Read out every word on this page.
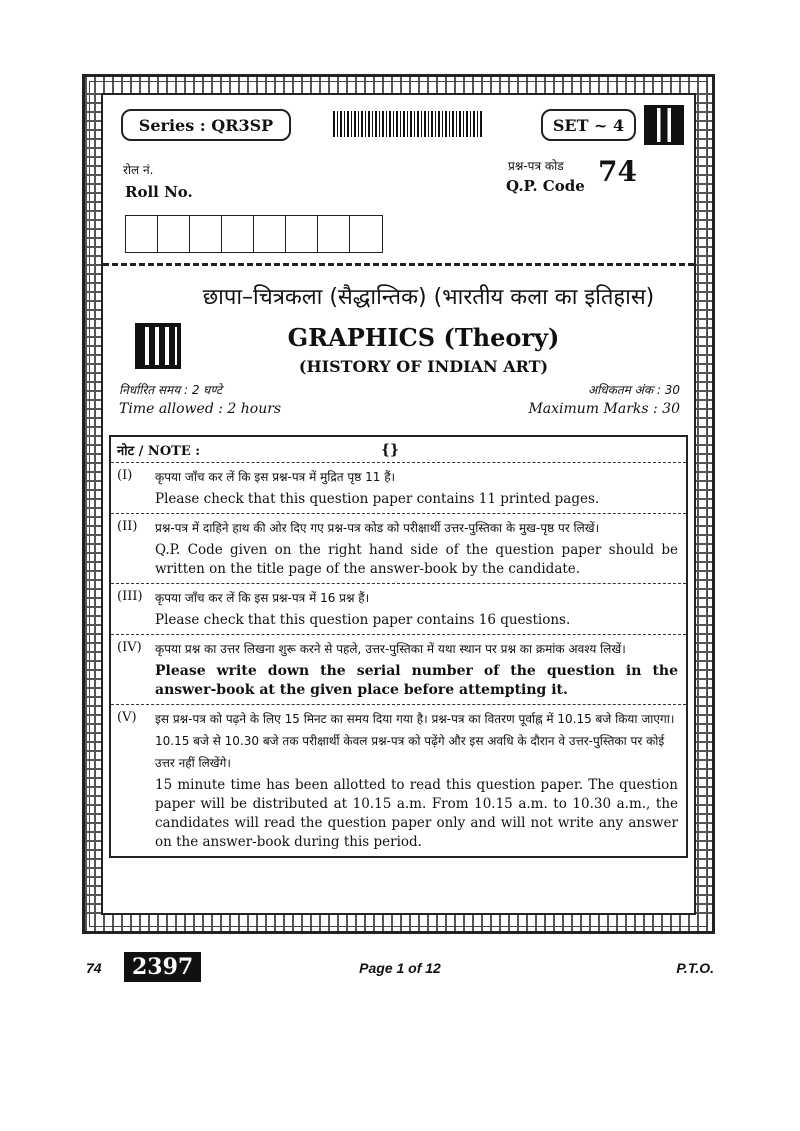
Series : QR3SP	SET ~ 4
रोल नं.
Roll No.
प्रश्न-पत्र कोड
Q.P. Code 74
छापा–चित्रकला (सैद्धान्तिक) (भारतीय कला का इतिहास)
GRAPHICS (Theory)
(HISTORY OF INDIAN ART)
निर्धारित समय : 2 घण्टे
Time allowed : 2 hours
अधिकतम अंक : 30
Maximum Marks : 30
नोट / NOTE :	{}
(I)	कृपया जाँच कर लें कि इस प्रश्न-पत्र में मुद्रित पृष्ठ 11 हैं।
Please check that this question paper contains 11 printed pages.
(II)	प्रश्न-पत्र में दाहिने हाथ की ओर दिए गए प्रश्न-पत्र कोड को परीक्षार्थी उत्तर-पुस्तिका के मुख-पृष्ठ पर लिखें।
Q.P. Code given on the right hand side of the question paper should be written on the title page of the answer-book by the candidate.
(III)	कृपया जाँच कर लें कि इस प्रश्न-पत्र में 16 प्रश्न हैं।
Please check that this question paper contains 16 questions.
(IV)	कृपया प्रश्न का उत्तर लिखना शुरू करने से पहले, उत्तर-पुस्तिका में यथा स्थान पर प्रश्न का क्रमांक अवश्य लिखें।
Please write down the serial number of the question in the answer-book at the given place before attempting it.
(V)	इस प्रश्न-पत्र को पढ़ने के लिए 15 मिनट का समय दिया गया है। प्रश्न-पत्र का वितरण पूर्वाह्न में 10.15 बजे किया जाएगा। 10.15 बजे से 10.30 बजे तक परीक्षार्थी केवल प्रश्न-पत्र को पढ़ेंगे और इस अवधि के दौरान वे उत्तर-पुस्तिका पर कोई उत्तर नहीं लिखेंगे।
15 minute time has been allotted to read this question paper. The question paper will be distributed at 10.15 a.m. From 10.15 a.m. to 10.30 a.m., the candidates will read the question paper only and will not write any answer on the answer-book during this period.
74	2397	Page 1 of 12	P.T.O.
